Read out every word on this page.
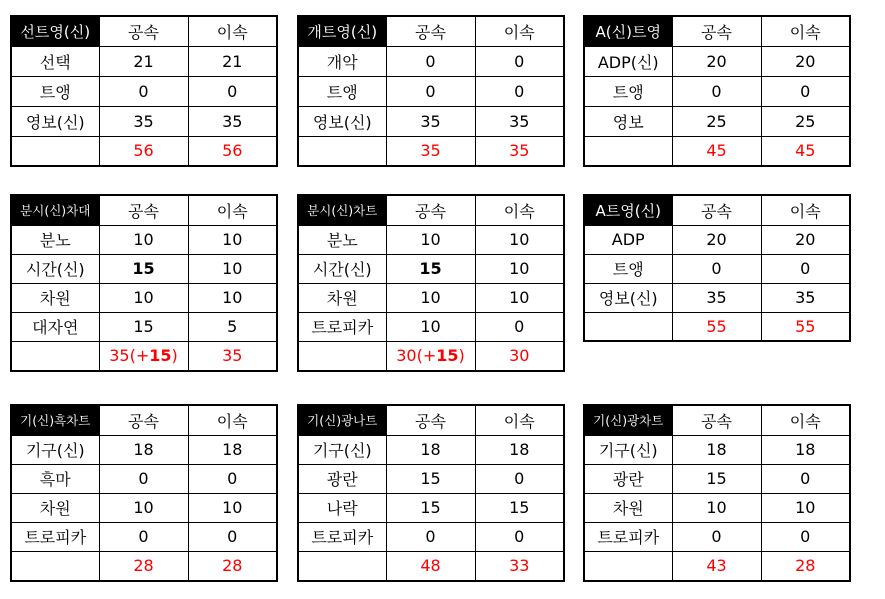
선트영(신)	공속	이속
선택	21	21
트앵	0	0
영보(신)	35	35
	56	56
개트영(신)	공속	이속
개악	0	0
트앵	0	0
영보(신)	35	35
	35	35
A(신)트영	공속	이속
ADP(신)	20	20
트앵	0	0
영보	25	25
	45	45
분시(신)차대	공속	이속
분노	10	10
시간(신)	15	10
차원	10	10
대자연	15	5
	35(+15)	35
분시(신)차트	공속	이속
분노	10	10
시간(신)	15	10
차원	10	10
트로피카	10	0
	30(+15)	30
A트영(신)	공속	이속
ADP	20	20
트앵	0	0
영보(신)	35	35
	55	55
기(신)흑차트	공속	이속
기구(신)	18	18
흑마	0	0
차원	10	10
트로피카	0	0
	28	28
기(신)광나트	공속	이속
기구(신)	18	18
광란	15	0
나락	15	15
트로피카	0	0
	48	33
기(신)광차트	공속	이속
기구(신)	18	18
광란	15	0
차원	10	10
트로피카	0	0
	43	28
